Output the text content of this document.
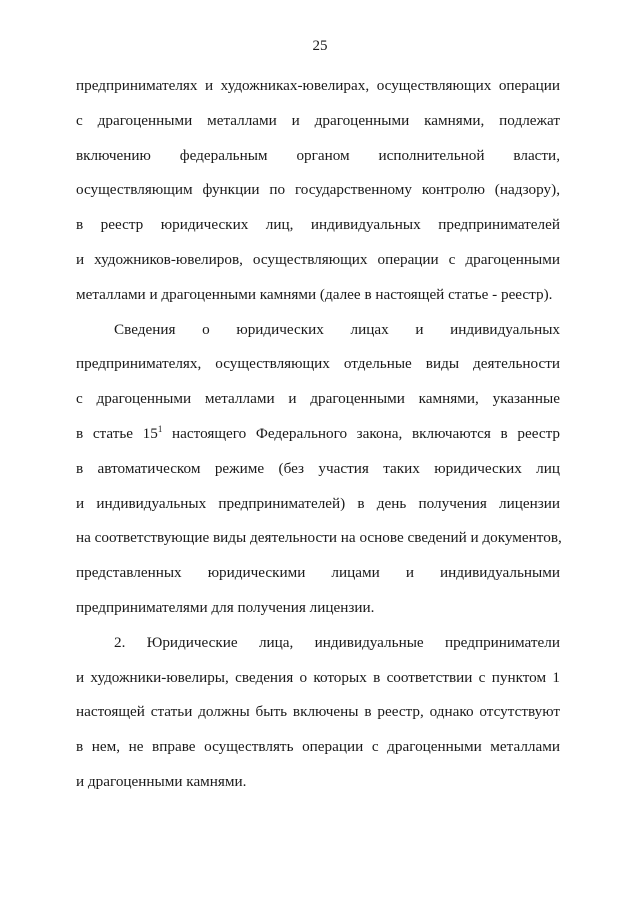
25
предпринимателях и художниках-ювелирах, осуществляющих операции
с драгоценными металлами и драгоценными камнями, подлежат
включению федеральным органом исполнительной власти,
осуществляющим функции по государственному контролю (надзору),
в реестр юридических лиц, индивидуальных предпринимателей
и художников-ювелиров, осуществляющих операции с драгоценными
металлами и драгоценными камнями (далее в настоящей статье - реестр).
Сведения о юридических лицах и индивидуальных
предпринимателях, осуществляющих отдельные виды деятельности
с драгоценными металлами и драгоценными камнями, указанные
в статье $15^1$ настоящего Федерального закона, включаются в реестр
в автоматическом режиме (без участия таких юридических лиц
и индивидуальных предпринимателей) в день получения лицензии
на соответствующие виды деятельности на основе сведений и документов,
представленных юридическими лицами и индивидуальными
предпринимателями для получения лицензии.
2. Юридические лица, индивидуальные предприниматели
и художники-ювелиры, сведения о которых в соответствии с пунктом 1
настоящей статьи должны быть включены в реестр, однако отсутствуют
в нем, не вправе осуществлять операции с драгоценными металлами
и драгоценными камнями.
